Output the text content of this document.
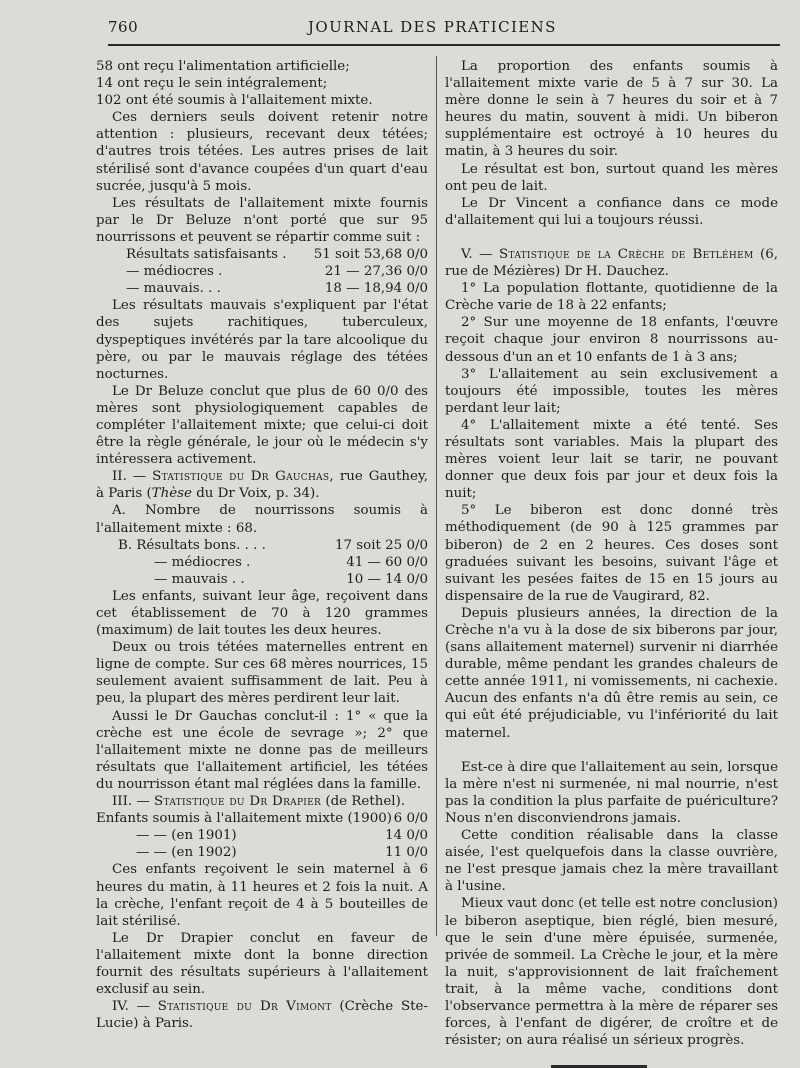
760	JOURNAL DES PRATICIENS

58 ont reçu l'alimentation artificielle;

14 ont reçu le sein intégralement;

102 ont été soumis à l'allaitement mixte.

Ces derniers seuls doivent retenir notre attention : plusieurs, recevant deux tétées; d'autres trois tétées. Les autres prises de lait stérilisé sont d'avance coupées d'un quart d'eau sucrée, jusqu'à 5 mois.

Les résultats de l'allaitement mixte fournis par le Dr Beluze n'ont porté que sur 95 nourrissons et peuvent se répartir comme suit :

Résultats satisfaisants . 51 soit 53,68 0/0
— médiocres .	21 — 27,36 0/0
— mauvais. . .	18 — 18,94 0/0

Les résultats mauvais s'expliquent par l'état des sujets rachitiques, tuberculeux, dyspeptiques invétérés par la tare alcoolique du père, ou par le mauvais réglage des tétées nocturnes.

Le Dr Beluze conclut que plus de 60 0/0 des mères sont physiologiquement capables de compléter l'allaitement mixte; que celui-ci doit être la règle générale, le jour où le médecin s'y intéressera activement.

II. — Statistique du Dr Gauchas, rue Gauthey, à Paris (Thèse du Dr Voix, p. 34).

A. Nombre de nourrissons soumis à l'allaitement mixte : 68.

B. Résultats bons. . . .	17 soit 25 0/0
— médiocres .	41 — 60 0/0
— mauvais . .	10 — 14 0/0

Les enfants, suivant leur âge, reçoivent dans cet établissement de 70 à 120 grammes (maximum) de lait toutes les deux heures.

Deux ou trois tétées maternelles entrent en ligne de compte. Sur ces 68 mères nourrices, 15 seulement avaient suffisamment de lait. Peu à peu, la plupart des mères perdirent leur lait.

Aussi le Dr Gauchas conclut-il : 1° « que la crèche est une école de sevrage »; 2° que l'allaitement mixte ne donne pas de meilleurs résultats que l'allaitement artificiel, les tétées du nourrisson étant mal réglées dans la famille.

III. — Statistique du Dr Drapier (de Rethel).

Enfants soumis à l'allaitement mixte (1900) 6 0/0
— — (en 1901)	14 0/0
— — (en 1902)	11 0/0

Ces enfants reçoivent le sein maternel à 6 heures du matin, à 11 heures et 2 fois la nuit. A la crèche, l'enfant reçoit de 4 à 5 bouteilles de lait stérilisé.

Le Dr Drapier conclut en faveur de l'allaitement mixte dont la bonne direction fournit des résultats supérieurs à l'allaitement exclusif au sein.

IV. — Statistique du Dr Vimont (Crèche Ste-Lucie) à Paris.

La proportion des enfants soumis à l'allaitement mixte varie de 5 à 7 sur 30. La mère donne le sein à 7 heures du soir et à 7 heures du matin, souvent à midi. Un biberon supplémentaire est octroyé à 10 heures du matin, à 3 heures du soir.

Le résultat est bon, surtout quand les mères ont peu de lait.

Le Dr Vincent a confiance dans ce mode d'allaitement qui lui a toujours réussi.

V. — Statistique de la Crèche de Betléhem (6, rue de Mézières) Dr H. Dauchez.

1° La population flottante, quotidienne de la Crèche varie de 18 à 22 enfants;

2° Sur une moyenne de 18 enfants, l'œuvre reçoit chaque jour environ 8 nourrissons au-dessous d'un an et 10 enfants de 1 à 3 ans;

3° L'allaitement au sein exclusivement a toujours été impossible, toutes les mères perdant leur lait;

4° L'allaitement mixte a été tenté. Ses résultats sont variables. Mais la plupart des mères voient leur lait se tarir, ne pouvant donner que deux fois par jour et deux fois la nuit;

5° Le biberon est donc donné très méthodiquement (de 90 à 125 grammes par biberon) de 2 en 2 heures. Ces doses sont graduées suivant les besoins, suivant l'âge et suivant les pesées faites de 15 en 15 jours au dispensaire de la rue de Vaugirard, 82.

Depuis plusieurs années, la direction de la Crèche n'a vu à la dose de six biberons par jour, (sans allaitement maternel) survenir ni diarrhée durable, même pendant les grandes chaleurs de cette année 1911, ni vomissements, ni cachexie. Aucun des enfants n'a dû être remis au sein, ce qui eût été préjudiciable, vu l'infériorité du lait maternel.

Est-ce à dire que l'allaitement au sein, lorsque la mère n'est ni surmenée, ni mal nourrie, n'est pas la condition la plus parfaite de puériculture? Nous n'en disconviendrons jamais.

Cette condition réalisable dans la classe aisée, l'est quelquefois dans la classe ouvrière, ne l'est presque jamais chez la mère travaillant à l'usine.

Mieux vaut donc (et telle est notre conclusion) le biberon aseptique, bien réglé, bien mesuré, que le sein d'une mère épuisée, surmenée, privée de sommeil. La Crèche le jour, et la mère la nuit, s'approvisionnent de lait fraîchement trait, à la même vache, conditions dont l'observance permettra à la mère de réparer ses forces, à l'enfant de digérer, de croître et de résister; on aura réalisé un sérieux progrès.
